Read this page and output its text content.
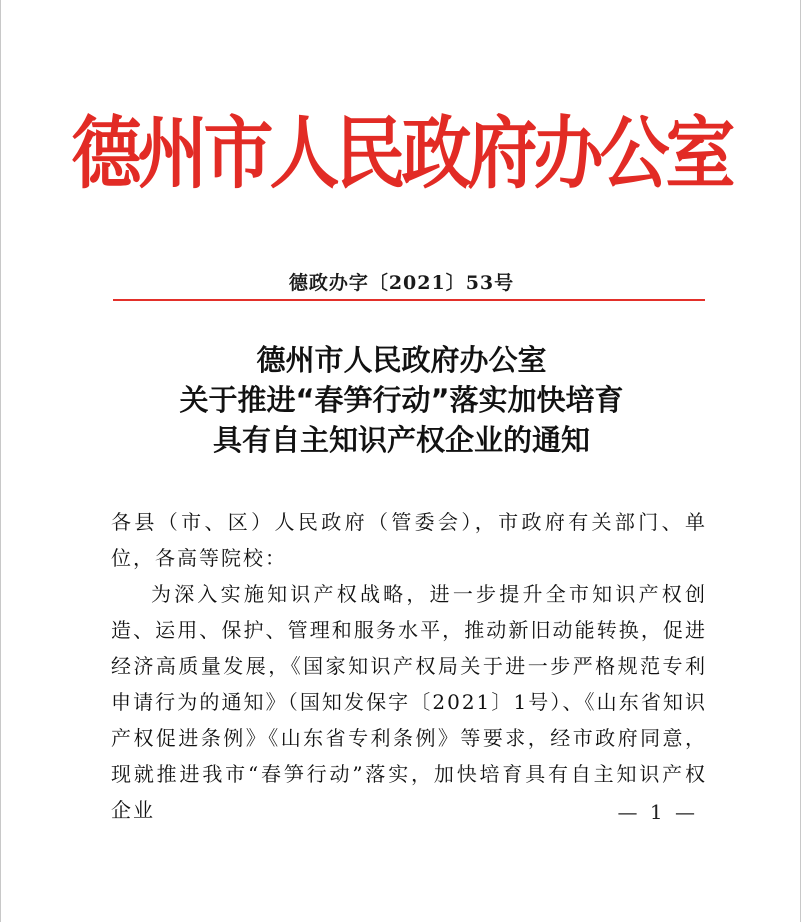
德州市人民政府办公室
德政办字〔2021〕53号
德州市人民政府办公室
关于推进“春笋行动”落实加快培育
具有自主知识产权企业的通知

各县（市、区）人民政府（管委会），市政府有关部门、单位，各高等院校：

为深入实施知识产权战略，进一步提升全市知识产权创造、运用、保护、管理和服务水平，推动新旧动能转换，促进经济高质量发展，《国家知识产权局关于进一步严格规范专利申请行为的通知》（国知发保字〔2021〕1号）、《山东省知识产权促进条例》《山东省专利条例》等要求，经市政府同意，现就推进我市“春笋行动”落实，加快培育具有自主知识产权企业	— 1 —
